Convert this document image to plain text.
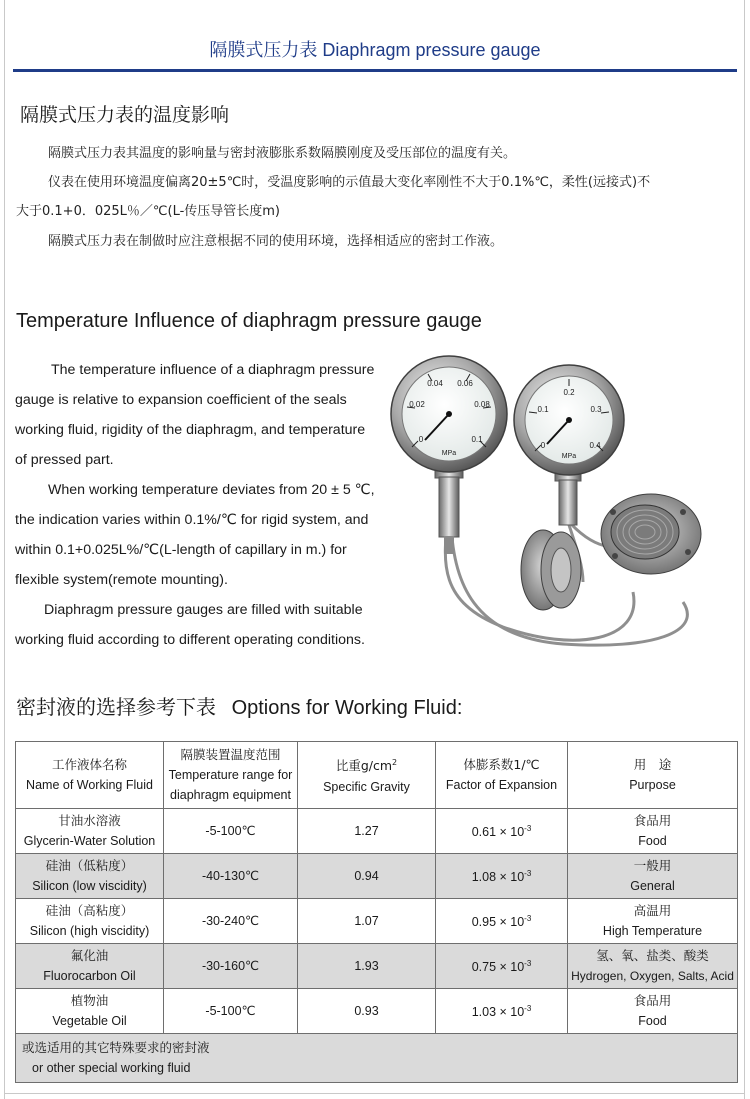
隔膜式压力表 Diaphragm pressure gauge
隔膜式压力表的温度影响
隔膜式压力表其温度的影响量与密封液膨胀系数隔膜刚度及受压部位的温度有关。
仪表在使用环境温度偏离20±5℃时，受温度影响的示值最大变化率刚性不大于0.1%℃，柔性(远接式)不
大于0.1+0．025L％／℃(L-传压导管长度m)
隔膜式压力表在制做时应注意根据不同的使用环境，选择相适应的密封工作液。
Temperature Influence of diaphragm pressure gauge

The temperature influence of a diaphragm pressure gauge is relative to expansion coefficient of the seals working fluid, rigidity of the diaphragm, and temperature of pressed part.

When working temperature deviates from 20 ± 5 ℃, the indication varies within 0.1%/℃ for rigid system, and within 0.1+0.025L%/℃(L-length of capillary in m.) for flexible system(remote mounting).

Diaphragm pressure gauges are filled with suitable working fluid according to different operating conditions.

0.04 0.06
0.02	0.08
0	0.1
MPa
0.2
0.1	0.3
0	0.4
MPa
密封液的选择参考下表 Options for Working Fluid:
工作液体名称
Name of Working Fluid	隔膜装置温度范围
Temperature range for diaphragm equipment	比重$g/cm^2$
Specific Gravity	体膨系数1/℃
Factor of Expansion	用　途
Purpose

甘油水溶液
Glycerin-Water Solution	-5-100℃	1.27	$0.61 \times 10^{-3}$	食品用
Food

硅油（低粘度）
Silicon (low viscidity)	-40-130℃	0.94	$1.08 \times 10^{-3}$	一般用
General

硅油（高粘度）
Silicon (high viscidity)	-30-240℃	1.07	$0.95 \times 10^{-3}$	高温用
High Temperature

氟化油
Fluorocarbon Oil	-30-160℃	1.93	$0.75 \times 10^{-3}$	氢、氧、盐类、酸类
Hydrogen, Oxygen, Salts, Acid

植物油
Vegetable Oil	-5-100℃	0.93	$1.03 \times 10^{-3}$	食品用
Food

或选适用的其它特殊要求的密封液
or other special working fluid				
